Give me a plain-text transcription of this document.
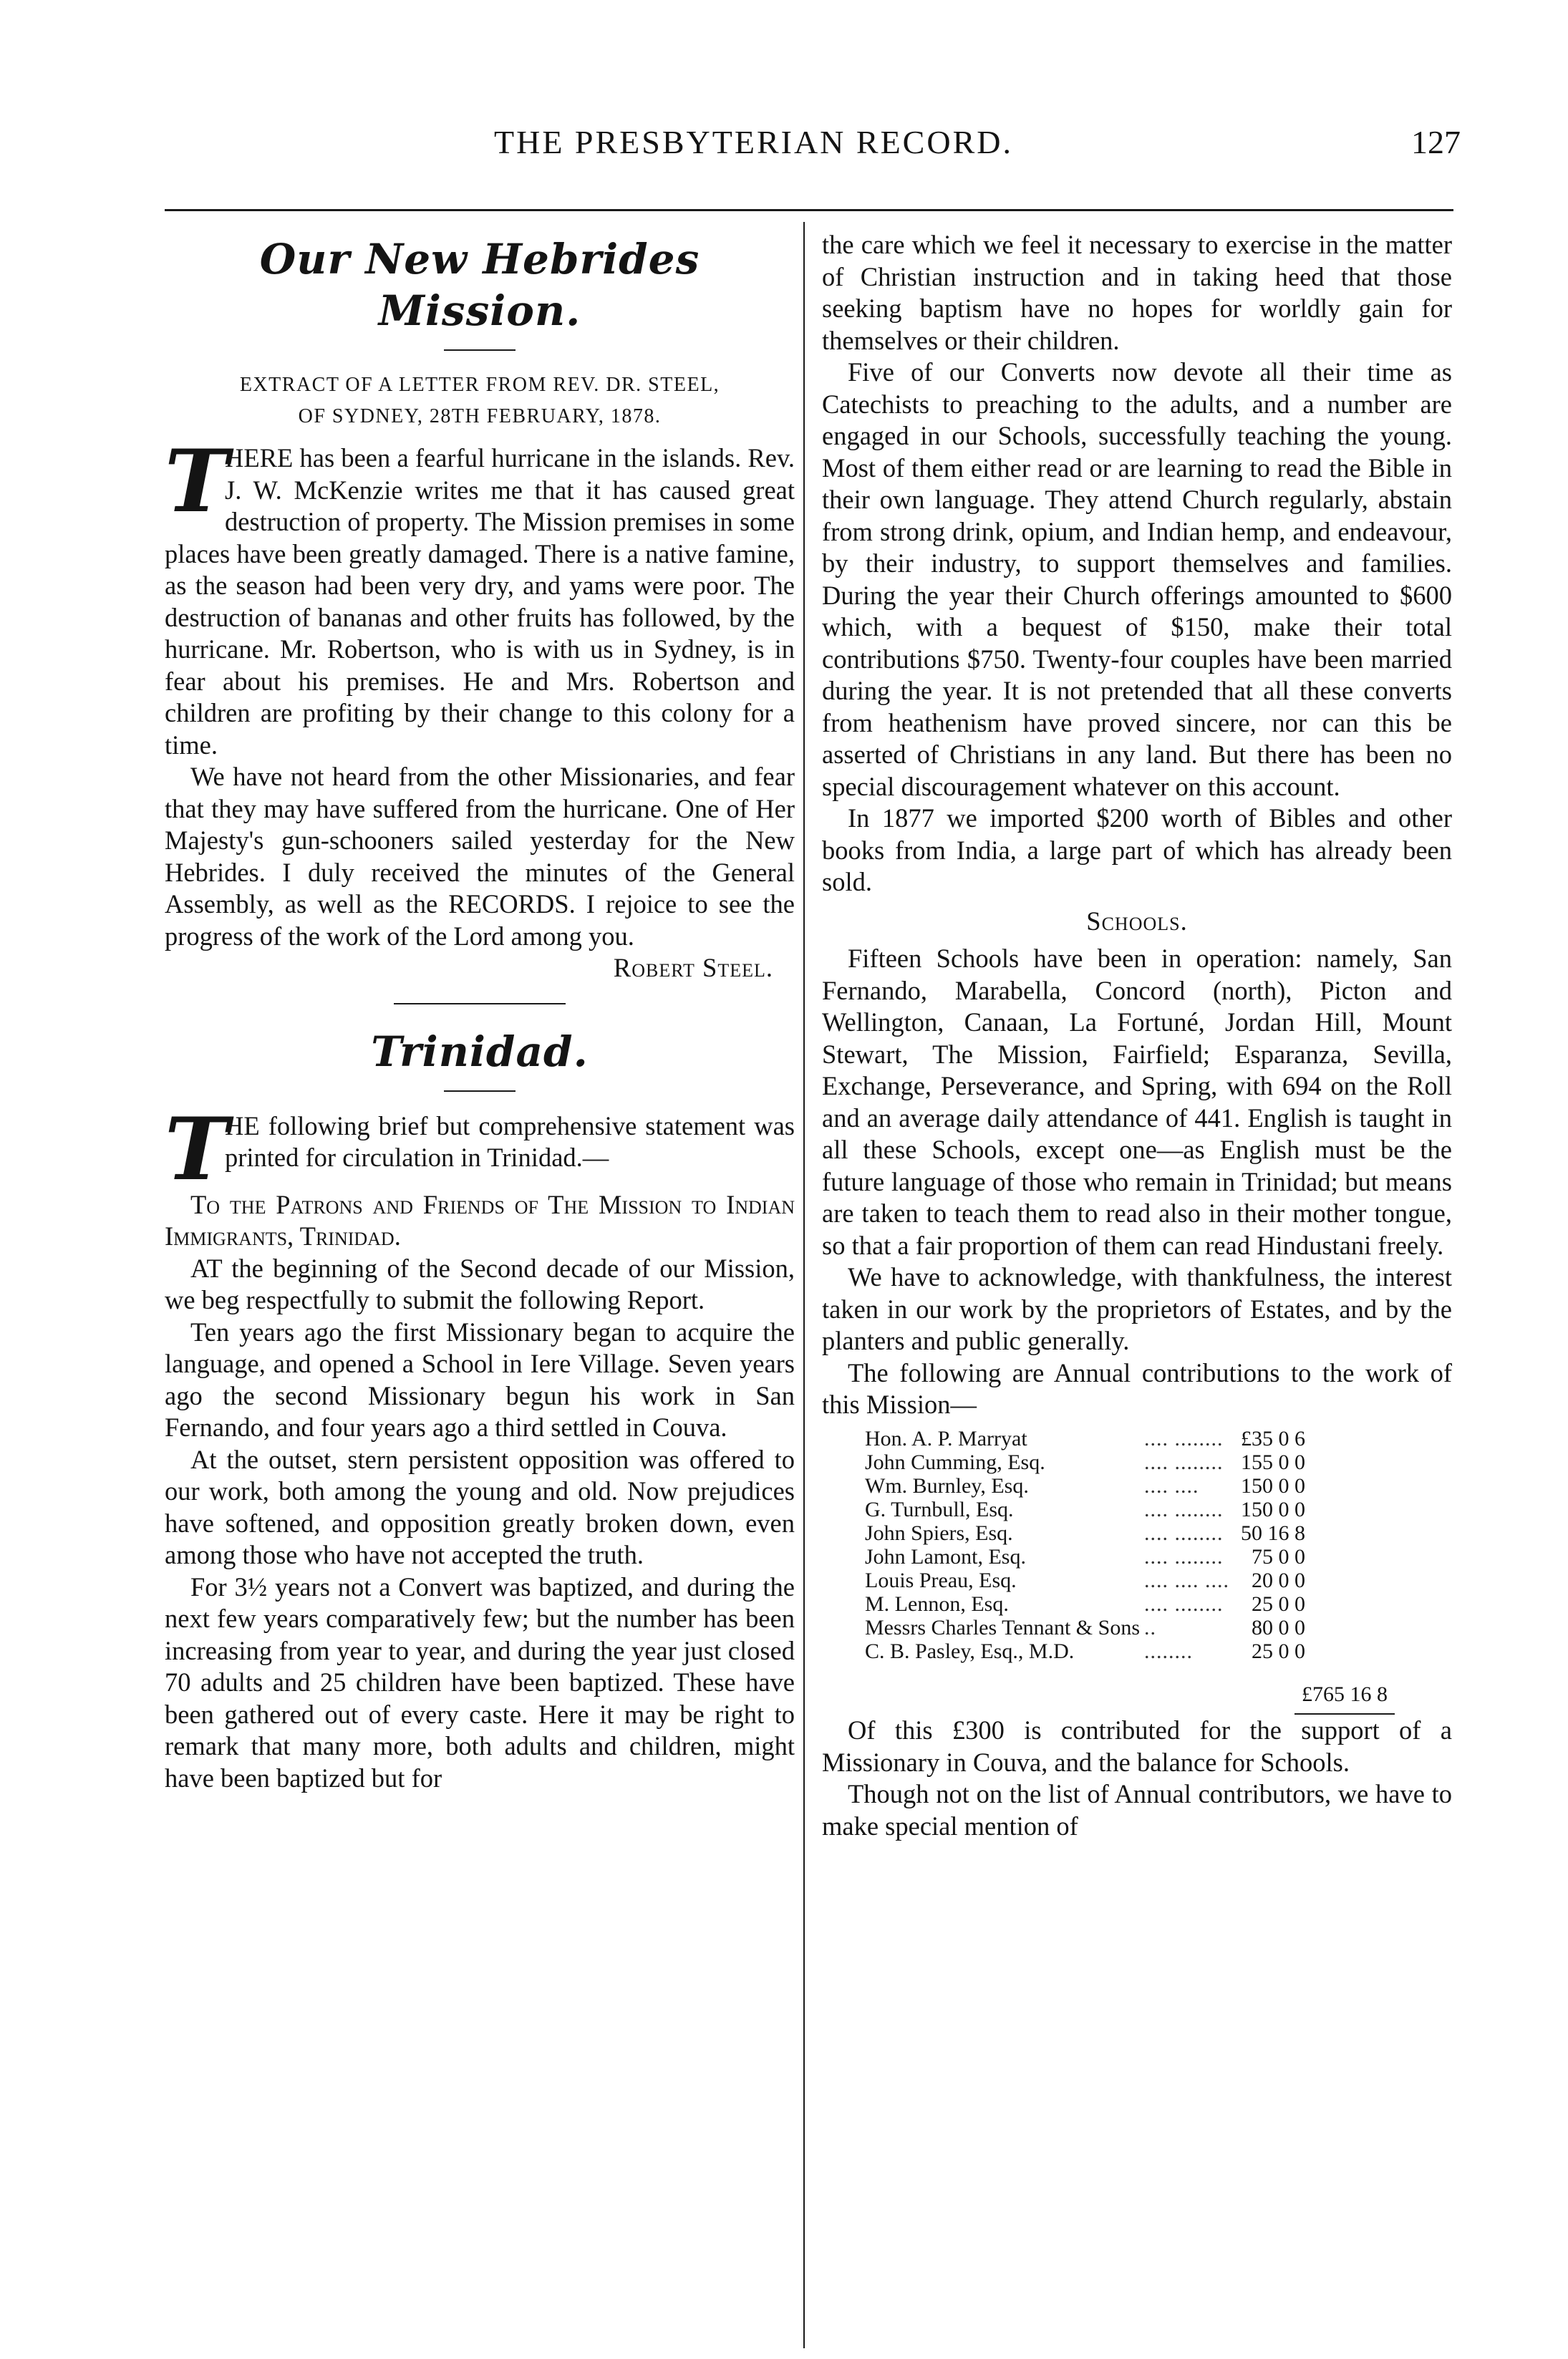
THE PRESBYTERIAN RECORD.	127
Our New Hebrides Mission.
EXTRACT OF A LETTER FROM REV. DR. STEEL,
OF SYDNEY, 28TH FEBRUARY, 1878.

T
HERE has been a fearful hurricane in the islands. Rev. J. W. McKenzie writes me that it has caused great destruction of property. The Mission premises in some places have been greatly damaged. There is a native famine, as the season had been very dry, and yams were poor. The destruction of bananas and other fruits has followed, by the hurricane. Mr. Robertson, who is with us in Sydney, is in fear about his premises. He and Mrs. Robertson and children are profiting by their change to this colony for a time.

We have not heard from the other Missionaries, and fear that they may have suffered from the hurricane. One of Her Majesty's gun-schooners sailed yesterday for the New Hebrides. I duly received the minutes of the General Assembly, as well as the RECORDS. I rejoice to see the progress of the work of the Lord among you.

Robert Steel.
Trinidad.

T
HE following brief but comprehensive statement was printed for circulation in Trinidad.—

To the Patrons and Friends of The Mission to Indian Immigrants, Trinidad.

AT the beginning of the Second decade of our Mission, we beg respectfully to submit the following Report.

Ten years ago the first Missionary began to acquire the language, and opened a School in Iere Village. Seven years ago the second Missionary begun his work in San Fernando, and four years ago a third settled in Couva.

At the outset, stern persistent opposition was offered to our work, both among the young and old. Now prejudices have softened, and opposition greatly broken down, even among those who have not accepted the truth.

For 3½ years not a Convert was baptized, and during the next few years comparatively few; but the number has been increasing from year to year, and during the year just closed 70 adults and 25 children have been baptized. These have been gathered out of every caste. Here it may be right to remark that many more, both adults and children, might have been baptized but for

the care which we feel it necessary to exercise in the matter of Christian instruction and in taking heed that those seeking baptism have no hopes for worldly gain for themselves or their children.

Five of our Converts now devote all their time as Catechists to preaching to the adults, and a number are engaged in our Schools, successfully teaching the young. Most of them either read or are learning to read the Bible in their own language. They attend Church regularly, abstain from strong drink, opium, and Indian hemp, and endeavour, by their industry, to support themselves and families. During the year their Church offerings amounted to $600 which, with a bequest of $150, make their total contributions $750. Twenty-four couples have been married during the year. It is not pretended that all these converts from heathenism have proved sincere, nor can this be asserted of Christians in any land. But there has been no special discouragement whatever on this account.

In 1877 we imported $200 worth of Bibles and other books from India, a large part of which has already been sold.

Schools.

Fifteen Schools have been in operation: namely, San Fernando, Marabella, Concord (north), Picton and Wellington, Canaan, La Fortuné, Jordan Hill, Mount Stewart, The Mission, Fairfield; Esparanza, Sevilla, Exchange, Perseverance, and Spring, with 694 on the Roll and an average daily attendance of 441. English is taught in all these Schools, except one—as English must be the future language of those who remain in Trinidad; but means are taken to teach them to read also in their mother tongue, so that a fair proportion of them can read Hindustani freely.

We have to acknowledge, with thankfulness, the interest taken in our work by the proprietors of Estates, and by the planters and public generally.

The following are Annual contributions to the work of this Mission—

Hon. A. P. Marryat	.... ........	£35 0 6
John Cumming, Esq.	.... ........	155 0 0
Wm. Burnley, Esq.	.... ....	150 0 0
G. Turnbull, Esq.	.... ........	150 0 0
John Spiers, Esq.	.... ........	50 16 8
John Lamont, Esq.	.... ........	75 0 0
Louis Preau, Esq.	.... .... ....	20 0 0
M. Lennon, Esq.	.... ........	25 0 0
Messrs Charles Tennant & Sons	..	80 0 0
C. B. Pasley, Esq., M.D.	........	25 0 0
£765 16 8

Of this £300 is contributed for the support of a Missionary in Couva, and the balance for Schools.

Though not on the list of Annual contributors, we have to make special mention of
